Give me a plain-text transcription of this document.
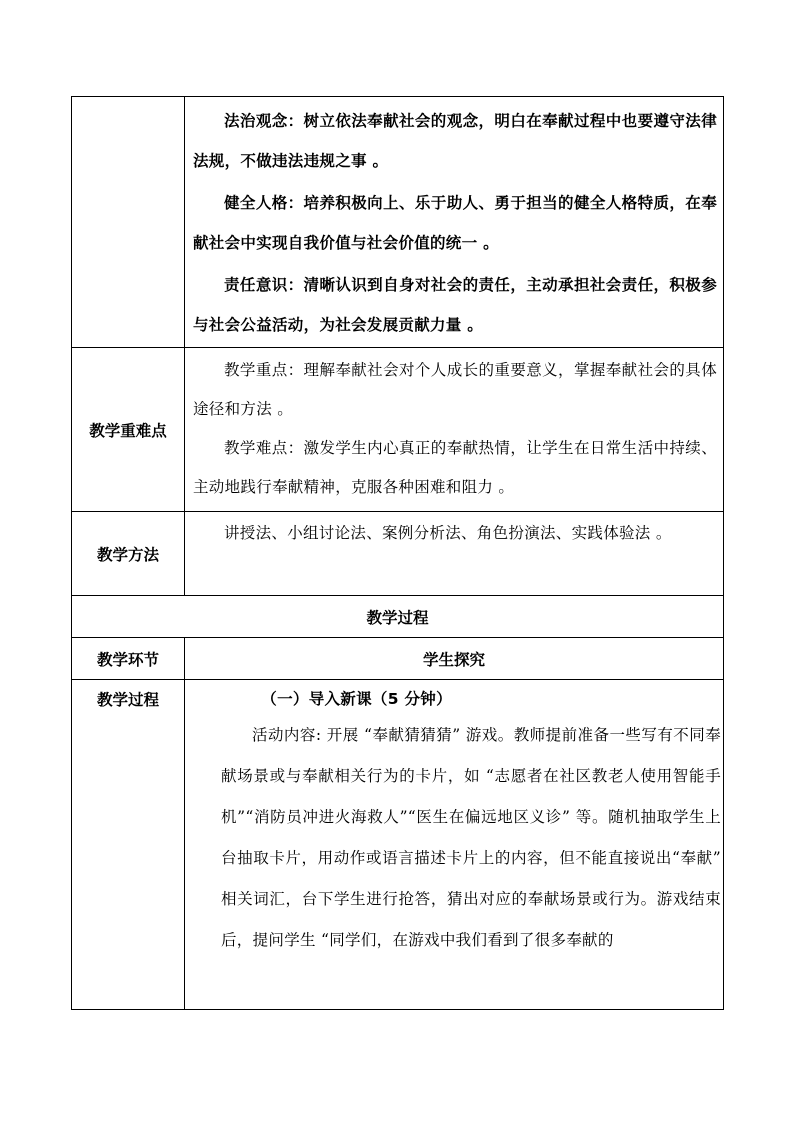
	法治观念：树立依法奉献社会的观念，明白在奉献过程中也要遵守法律法规，不做违法违规之事 。

健全人格：培养积极向上、乐于助人、勇于担当的健全人格特质，在奉献社会中实现自我价值与社会价值的统一 。

责任意识：清晰认识到自身对社会的责任，主动承担社会责任，积极参与社会公益活动，为社会发展贡献力量 。

教学重难点	教学重点：理解奉献社会对个人成长的重要意义，掌握奉献社会的具体途径和方法 。

教学难点：激发学生内心真正的奉献热情，让学生在日常生活中持续、主动地践行奉献精神，克服各种困难和阻力 。

教学方法	讲授法、小组讨论法、案例分析法、角色扮演法、实践体验法 。

教学过程	
教学环节	学生探究
教学过程	（一）导入新课（5 分钟）

活动内容: 开展 “奉献猜猜猜” 游戏。教师提前准备一些写有不同奉献场景或与奉献相关行为的卡片，如 “志愿者在社区教老人使用智能手机”“消防员冲进火海救人”“医生在偏远地区义诊” 等。随机抽取学生上台抽取卡片，用动作或语言描述卡片上的内容，但不能直接说出“奉献” 相关词汇，台下学生进行抢答，猜出对应的奉献场景或行为。游戏结束后，提问学生 “同学们，在游戏中我们看到了很多奉献的
